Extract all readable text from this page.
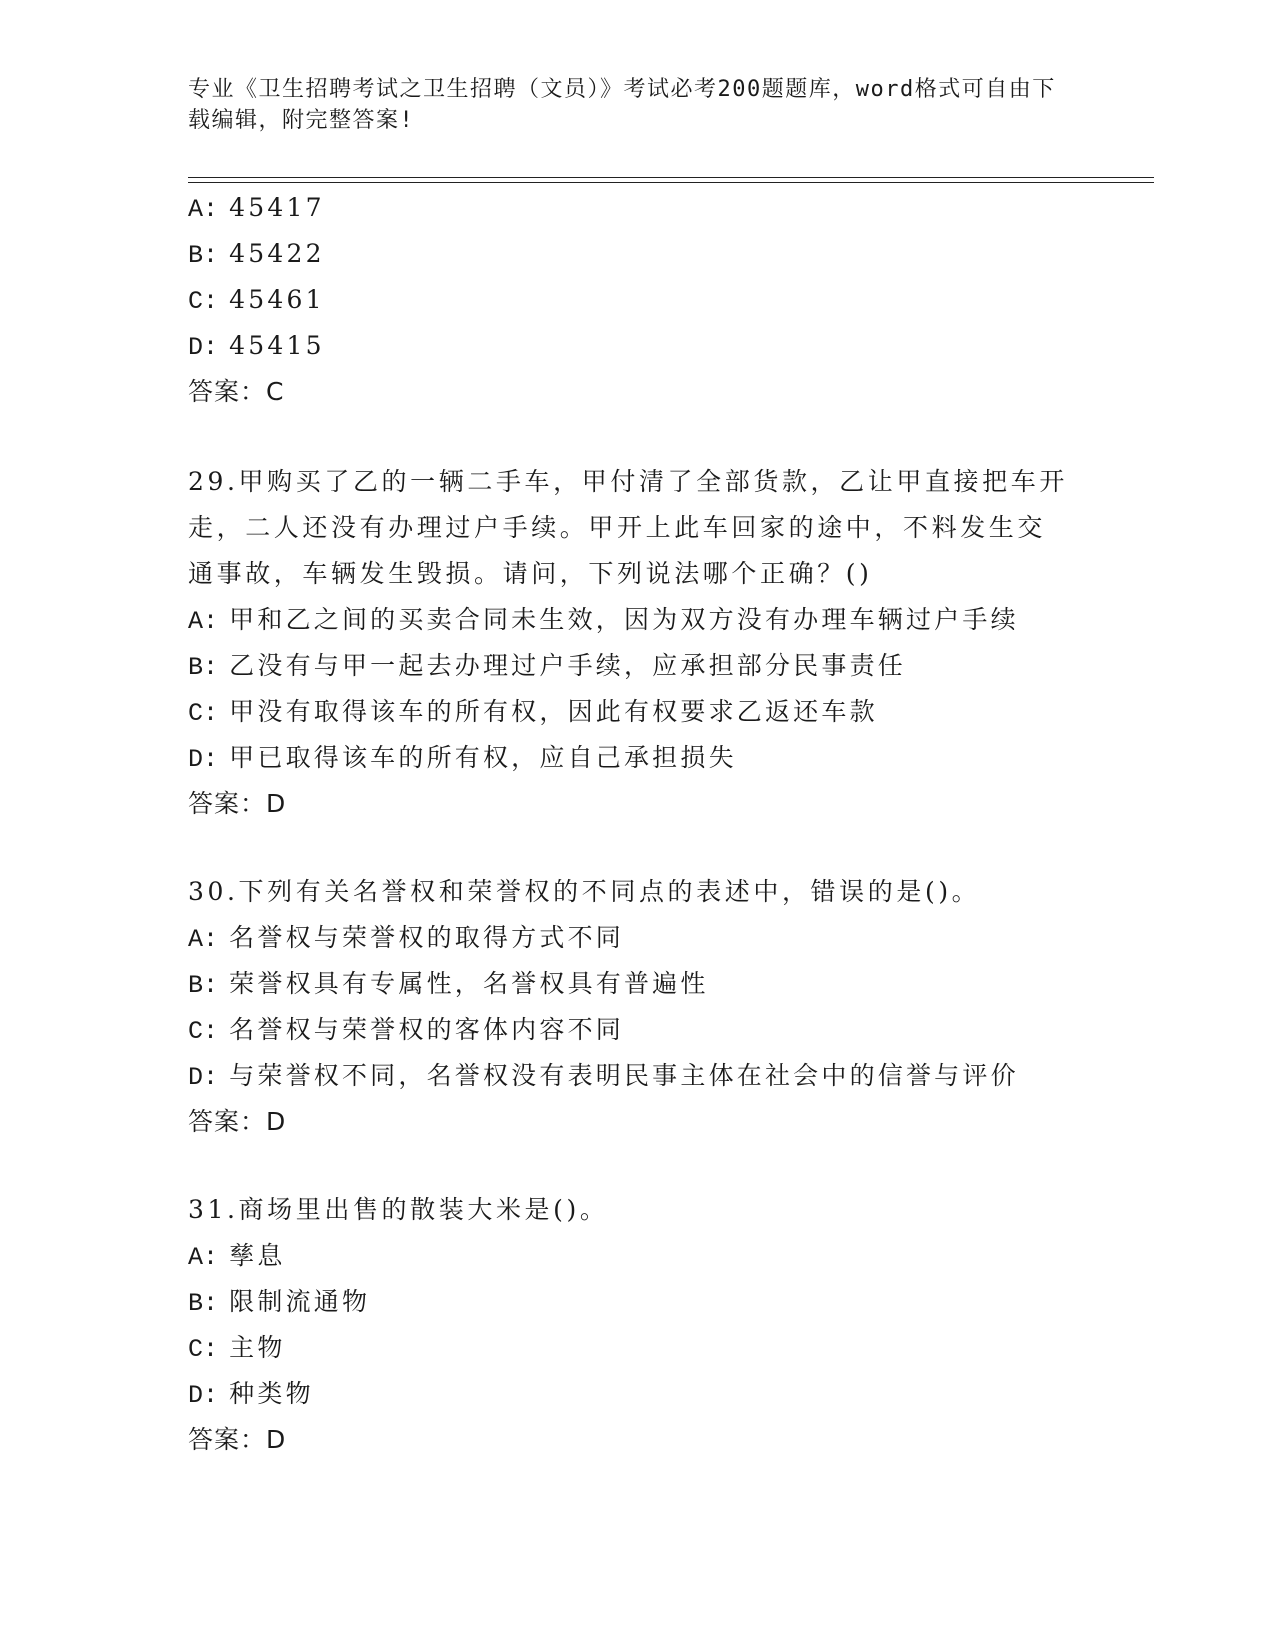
专业《卫生招聘考试之卫生招聘（文员）》考试必考200题题库，word格式可自由下载编辑，附完整答案!

A: 45417

B: 45422

C: 45461

D: 45415

答案：C

29.甲购买了乙的一辆二手车，甲付清了全部货款，乙让甲直接把车开

走，二人还没有办理过户手续。甲开上此车回家的途中，不料发生交

通事故，车辆发生毁损。请问，下列说法哪个正确？()

A: 甲和乙之间的买卖合同未生效，因为双方没有办理车辆过户手续

B: 乙没有与甲一起去办理过户手续，应承担部分民事责任

C: 甲没有取得该车的所有权，因此有权要求乙返还车款

D: 甲已取得该车的所有权，应自己承担损失

答案：D

30.下列有关名誉权和荣誉权的不同点的表述中，错误的是()。

A: 名誉权与荣誉权的取得方式不同

B: 荣誉权具有专属性，名誉权具有普遍性

C: 名誉权与荣誉权的客体内容不同

D: 与荣誉权不同，名誉权没有表明民事主体在社会中的信誉与评价

答案：D

31.商场里出售的散装大米是()。

A: 孳息

B: 限制流通物

C: 主物

D: 种类物

答案：D
